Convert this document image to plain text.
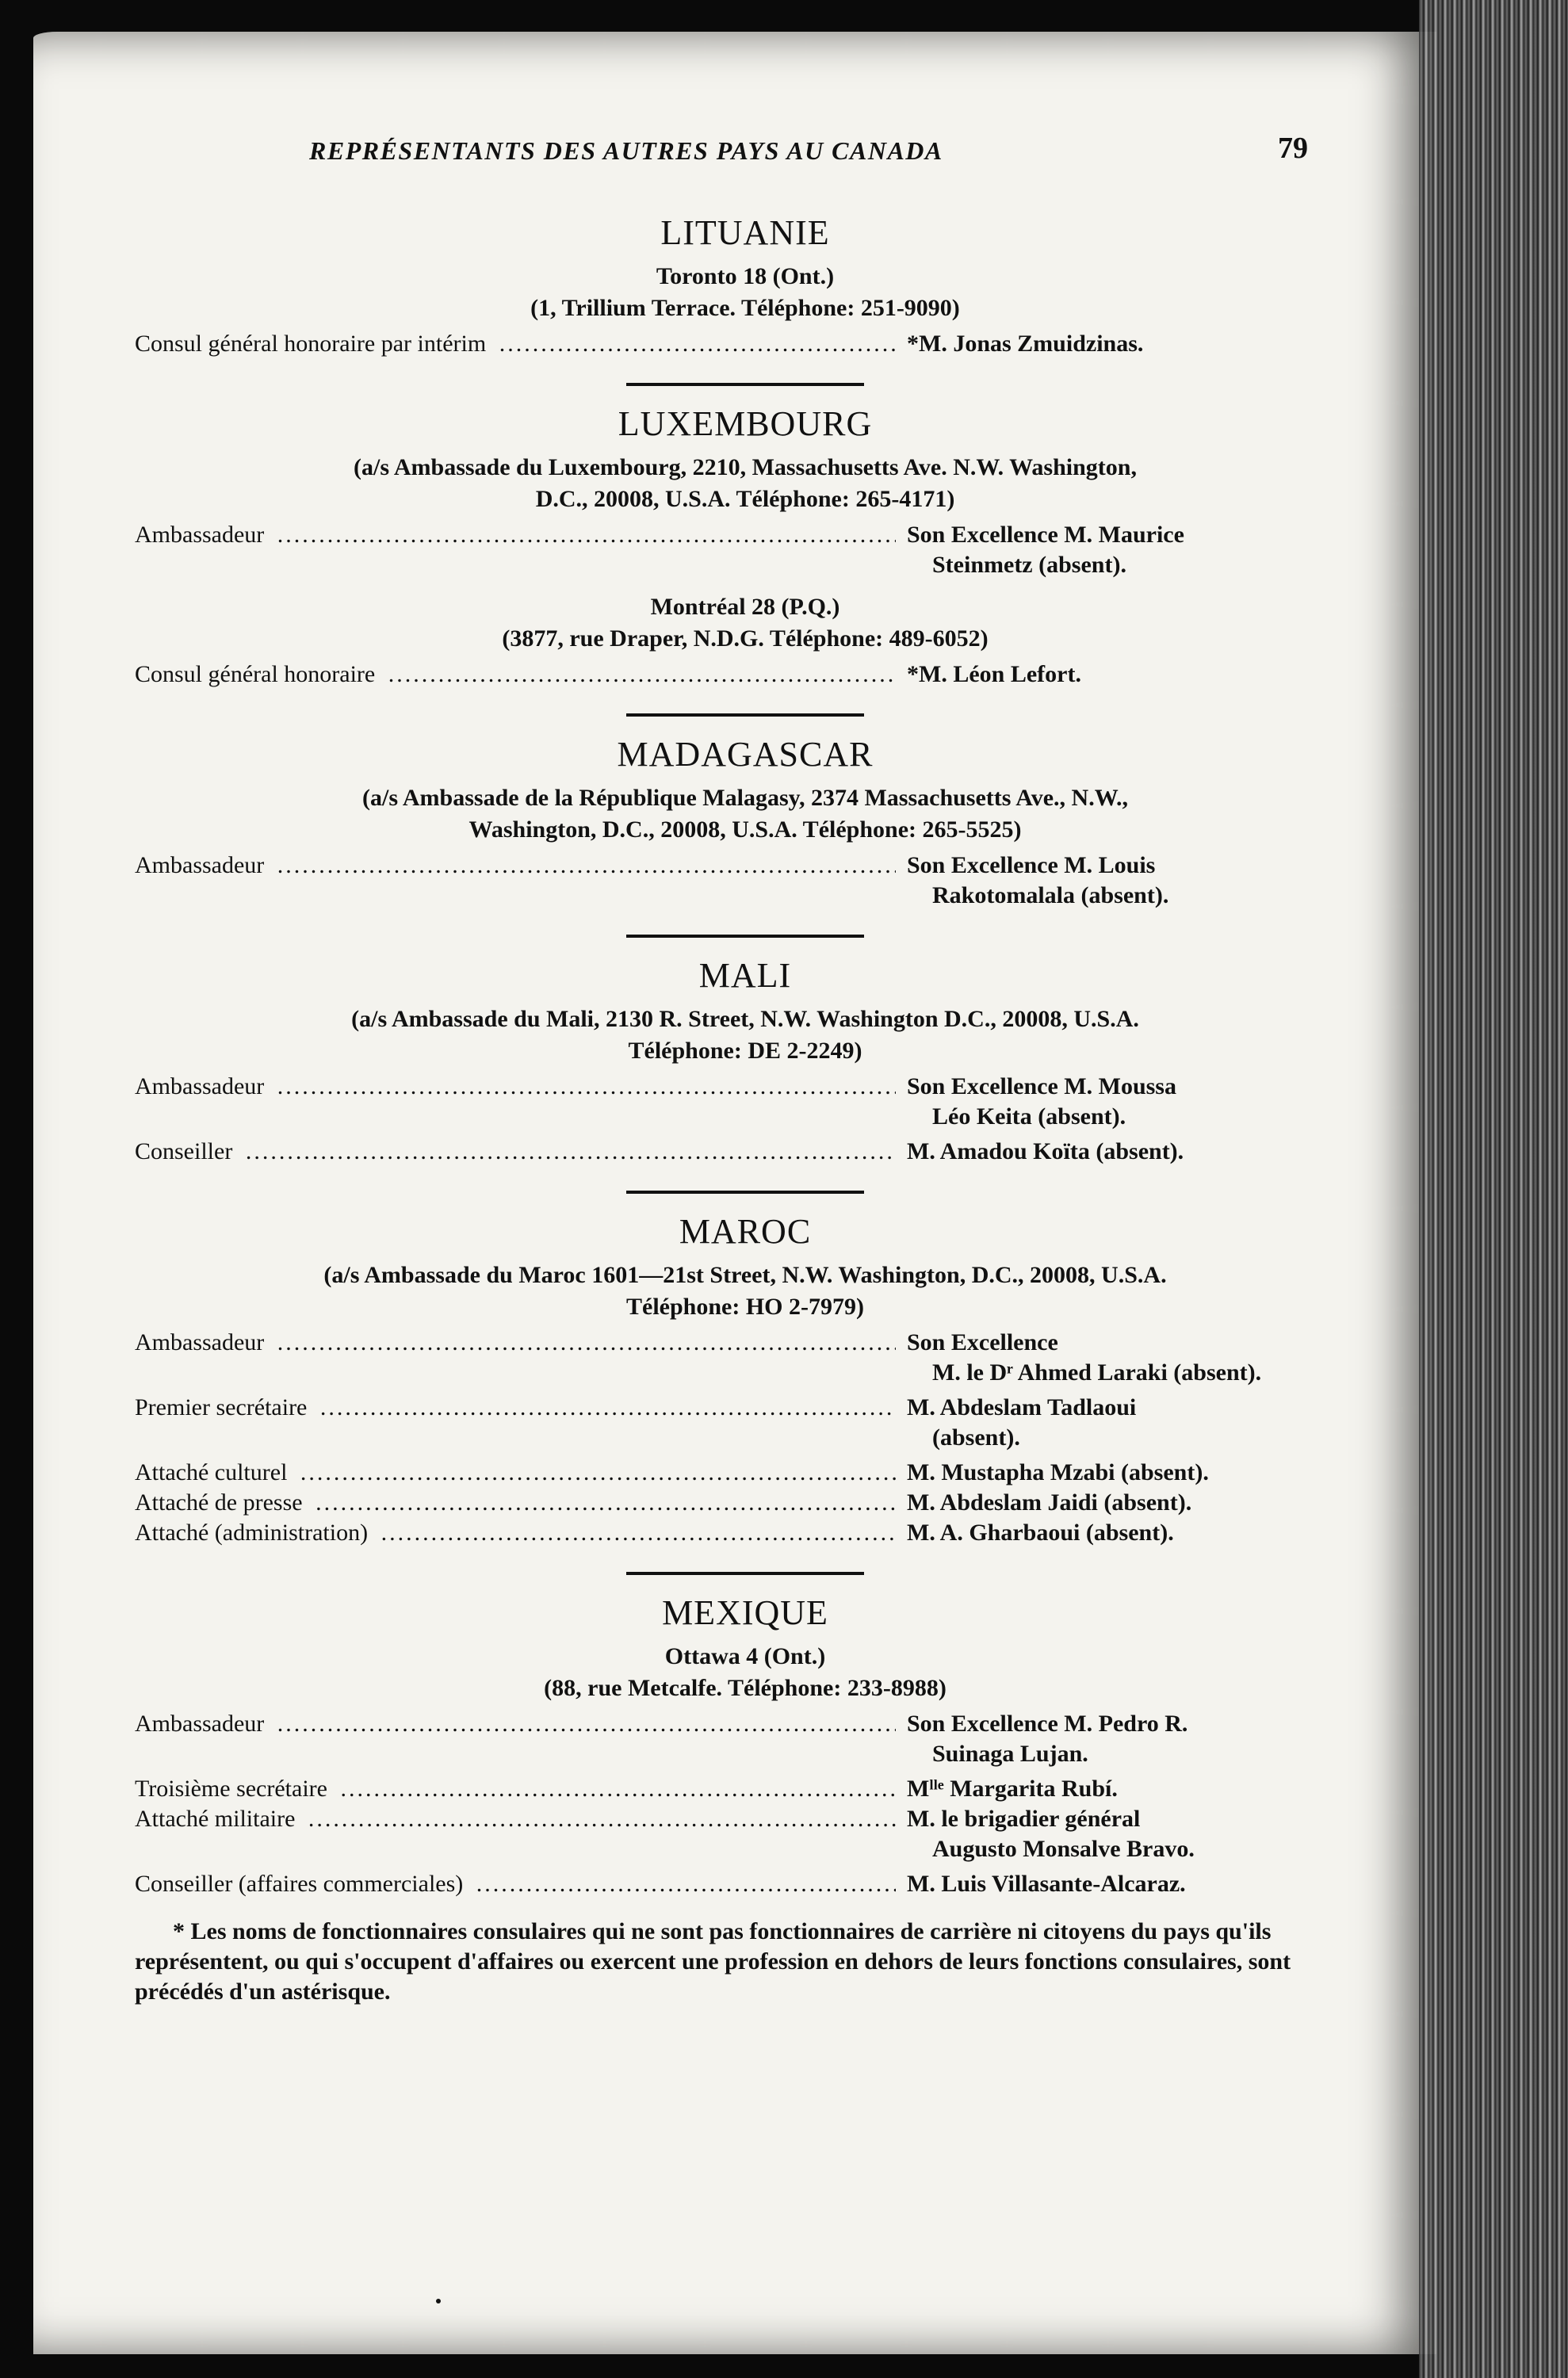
REPRÉSENTANTS DES AUTRES PAYS AU CANADA	79
LITUANIE
Toronto 18 (Ont.)
(1, Trillium Terrace. Téléphone: 251-9090)
Consul général honoraire par intérim .....	*M. Jonas Zmuidzinas.
LUXEMBOURG
(a/s Ambassade du Luxembourg, 2210, Massachusetts Ave. N.W. Washington,
D.C., 20008, U.S.A. Téléphone: 265-4171)
Ambassadeur .....	Son Excellence M. Maurice
Steinmetz (absent).
Montréal 28 (P.Q.)
(3877, rue Draper, N.D.G. Téléphone: 489-6052)
Consul général honoraire .....	*M. Léon Lefort.
MADAGASCAR
(a/s Ambassade de la République Malagasy, 2374 Massachusetts Ave., N.W.,
Washington, D.C., 20008, U.S.A. Téléphone: 265-5525)
Ambassadeur .....	Son Excellence M. Louis
Rakotomalala (absent).
MALI
(a/s Ambassade du Mali, 2130 R. Street, N.W. Washington D.C., 20008, U.S.A.
Téléphone: DE 2-2249)
Ambassadeur .....	Son Excellence M. Moussa
Léo Keita (absent).
Conseiller .....	M. Amadou Koïta (absent).
MAROC
(a/s Ambassade du Maroc 1601—21st Street, N.W. Washington, D.C., 20008, U.S.A.
Téléphone: HO 2-7979)
Ambassadeur .....	Son Excellence
M. le Dʳ Ahmed Laraki (absent).
Premier secrétaire .....	M. Abdeslam Tadlaoui
(absent).
Attaché culturel .....	M. Mustapha Mzabi (absent).
Attaché de presse .....	M. Abdeslam Jaidi (absent).
Attaché (administration) .....	M. A. Gharbaoui (absent).
MEXIQUE
Ottawa 4 (Ont.)
(88, rue Metcalfe. Téléphone: 233-8988)
Ambassadeur .....	Son Excellence M. Pedro R.
Suinaga Lujan.
Troisième secrétaire .....	Mˡˡᵉ Margarita Rubí.
Attaché militaire .....	M. le brigadier général
Augusto Monsalve Bravo.
Conseiller (affaires commerciales) .....	M. Luis Villasante-Alcaraz.
* Les noms de fonctionnaires consulaires qui ne sont pas fonctionnaires de carrière ni citoyens du pays qu'ils représentent, ou qui s'occupent d'affaires ou exercent une profession en dehors de leurs fonctions consulaires, sont précédés d'un astérisque.
